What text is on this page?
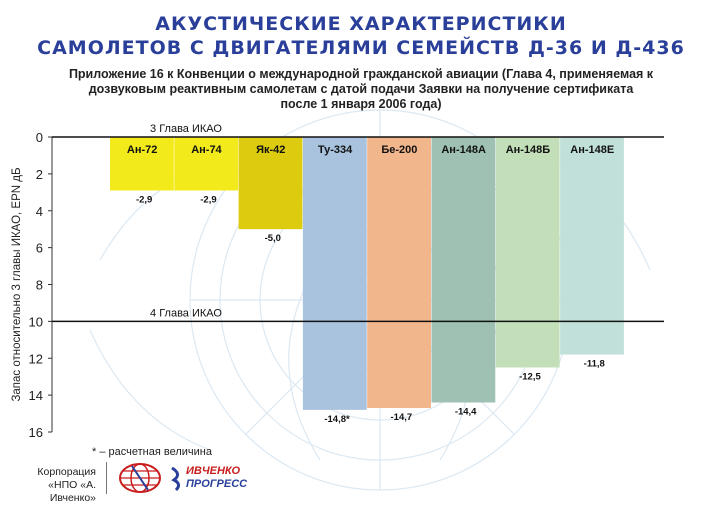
АКУСТИЧЕСКИЕ ХАРАКТЕРИСТИКИ
САМОЛЕТОВ С ДВИГАТЕЛЯМИ СЕМЕЙСТВ Д-36 И Д-436
Приложение 16 к Конвенции о международной гражданской авиации (Глава 4, применяемая к
дозвуковым реактивным самолетам с датой подачи Заявки на получение сертификата
после 1 января 2006 года)
0
2
4
6
8
10
12
14
16
Запас относительно 3 главы ИКАО, EPN дБ
Ан-72
-2,9
Ан-74
-2,9
Як-42
-5,0
Ту-334
-14,8*
Бе-200
-14,7
Ан-148А
-14,4
Ан-148Б
-12,5
Ан-148Е
-11,8
3 Глава ИКАО
4 Глава ИКАО
* – расчетная величина
Корпорация
«НПО «А. Ивченко»
ИВЧЕНКО
ПРОГРЕСС
